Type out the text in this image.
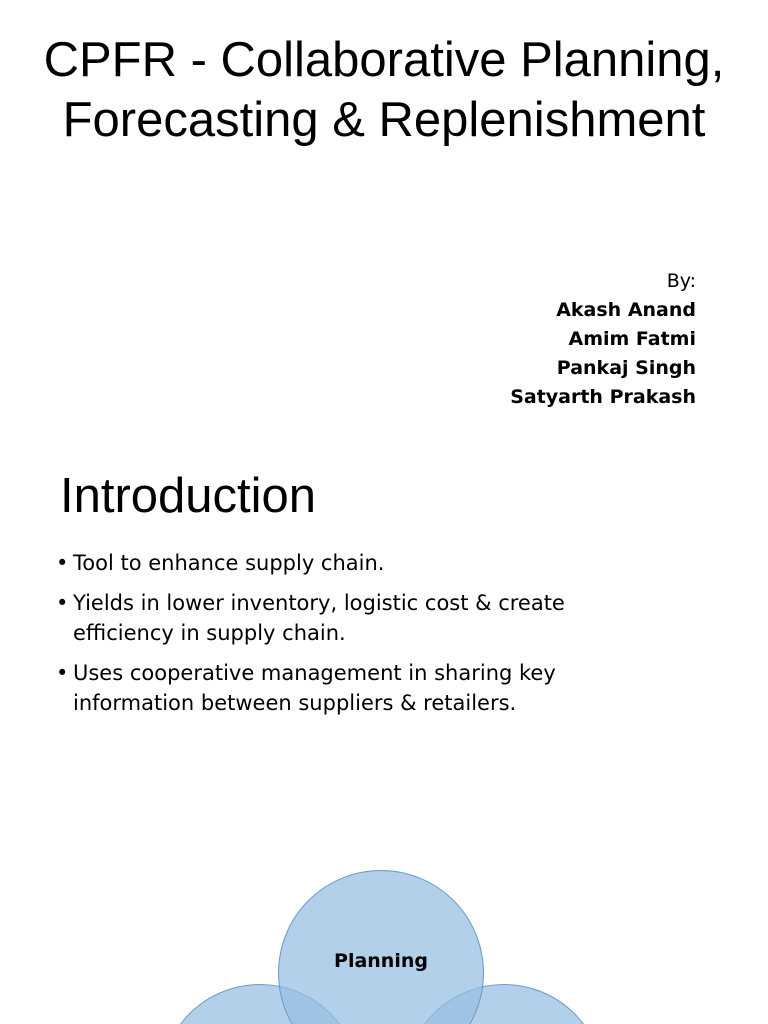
CPFR - Collaborative Planning, Forecasting & Replenishment
By:
Akash Anand
Amim Fatmi
Pankaj Singh
Satyarth Prakash
Introduction
• Tool to enhance supply chain.
• Yields in lower inventory, logistic cost & create efficiency in supply chain.
• Uses cooperative management in sharing key information between suppliers & retailers.
Planning
